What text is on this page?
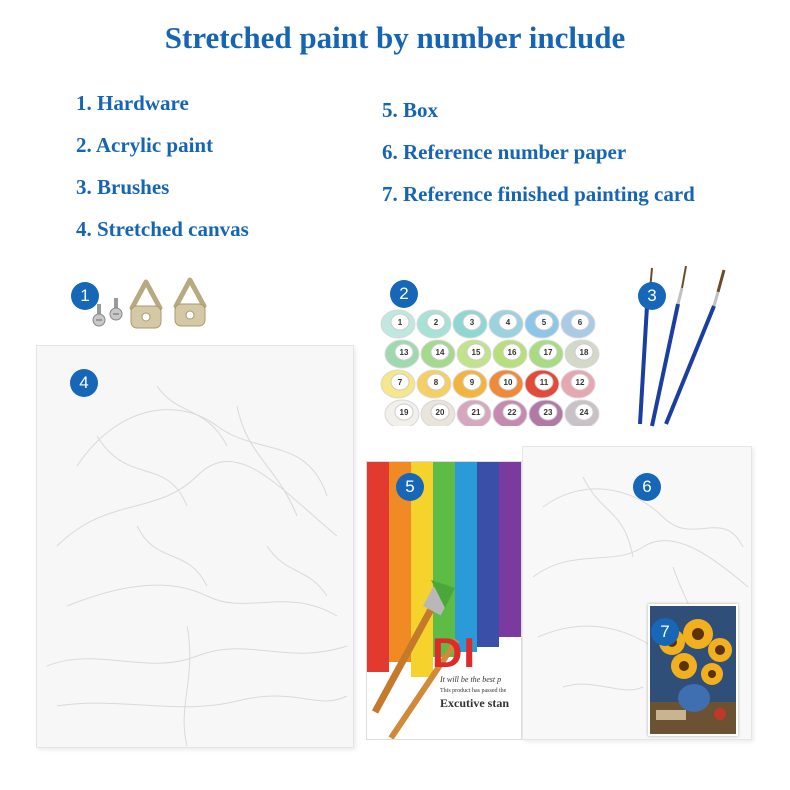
Stretched paint by number include
1. Hardware
2. Acrylic paint
3. Brushes
4. Stretched canvas
5. Box
6. Reference number paper
7. Reference finished painting card
1	2
1	2	3	4	5	6
13	14	15	16	17	18
7	8	9	10	11	12
19	20	21	22	23	24
3
4
6
7
DI
It will be the best p
This product has passed the
Excutive stan
5
